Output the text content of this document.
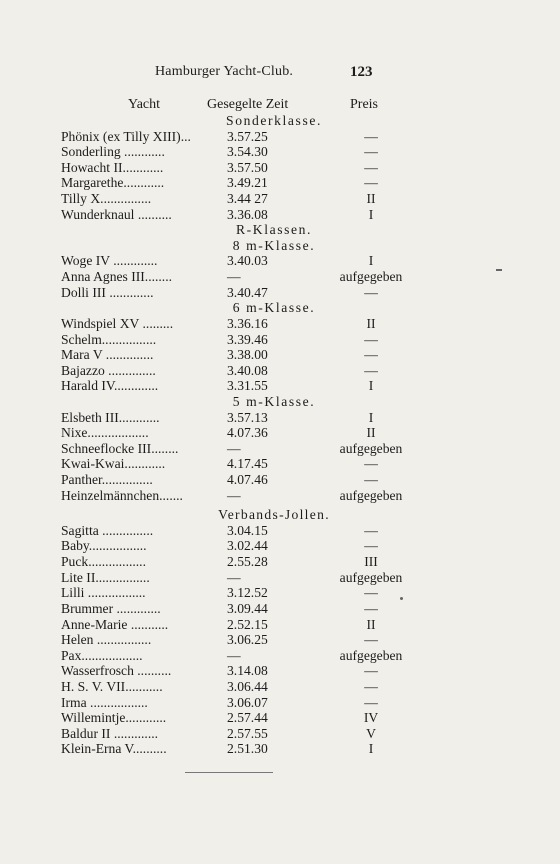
Hamburger Yacht-Club.	123
Yacht	Gesegelte Zeit	Preis
Sonderklasse.
Phönix (ex Tilly XIII)...	3.57.25	—
Sonderling ............	3.54.30	—
Howacht II............	3.57.50	—
Margarethe............	3.49.21	—
Tilly X...............	3.44 27	II
Wunderknaul ..........	3.36.08	I
R-Klassen.
8 m-Klasse.
Woge IV .............	3.40.03	I
Anna Agnes III........	—	aufgegeben
Dolli III .............	3.40.47	—
6 m-Klasse.
Windspiel XV .........	3.36.16	II
Schelm................	3.39.46	—
Mara V ..............	3.38.00	—
Bajazzo ..............	3.40.08	—
Harald IV.............	3.31.55	I
5 m-Klasse.
Elsbeth III............	3.57.13	I
Nixe..................	4.07.36	II
Schneeflocke III........	—	aufgegeben
Kwai-Kwai............	4.17.45	—
Panther...............	4.07.46	—
Heinzelmännchen.......	—	aufgegeben
Verbands-Jollen.
Sagitta ...............	3.04.15	—
Baby.................	3.02.44	—
Puck.................	2.55.28	III
Lite II................	—	aufgegeben
Lilli .................	3.12.52	—
Brummer .............	3.09.44	—
Anne-Marie ...........	2.52.15	II
Helen ................	3.06.25	—
Pax..................	—	aufgegeben
Wasserfrosch ..........	3.14.08	—
H. S. V. VII...........	3.06.44	—
Irma .................	3.06.07	—
Willemintje............	2.57.44	IV
Baldur II .............	2.57.55	V
Klein-Erna V..........	2.51.30	I
